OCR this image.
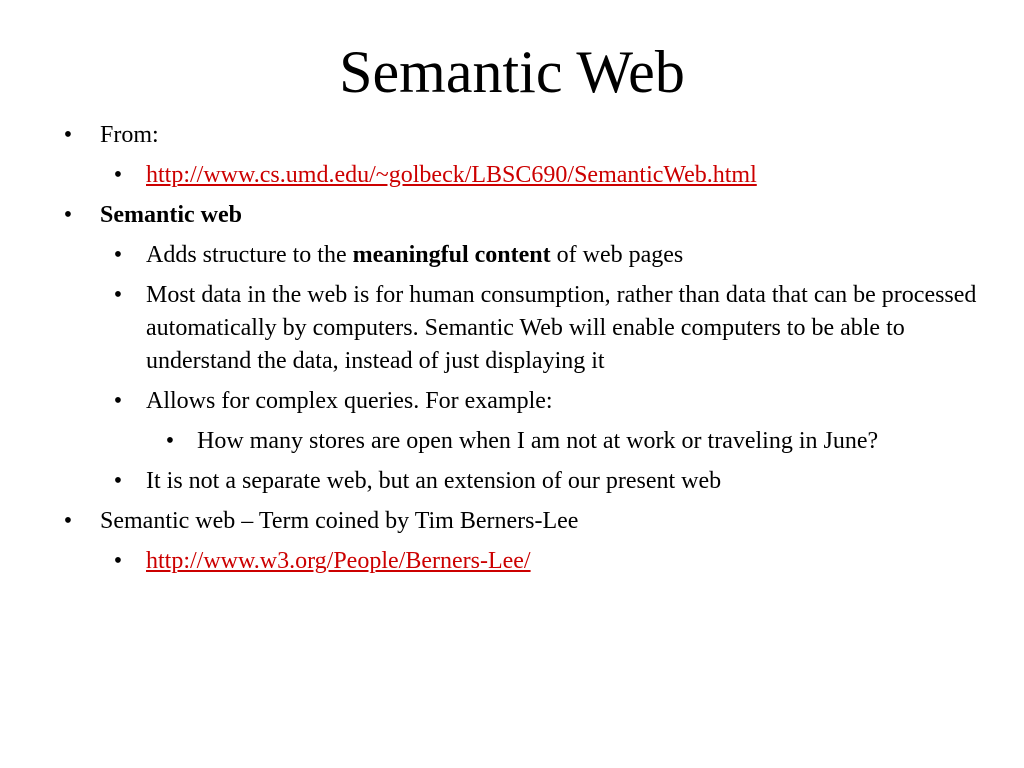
Semantic Web
• From:
• http://www.cs.umd.edu/~golbeck/LBSC690/SemanticWeb.html
• Semantic web
• Adds structure to the meaningful content of web pages
• Most data in the web is for human consumption, rather than data that can be processed automatically by computers. Semantic Web will enable computers to be able to understand the data, instead of just displaying it
• Allows for complex queries. For example:
• How many stores are open when I am not at work or traveling in June?
• It is not a separate web, but an extension of our present web
• Semantic web – Term coined by Tim Berners-Lee
• http://www.w3.org/People/Berners-Lee/
